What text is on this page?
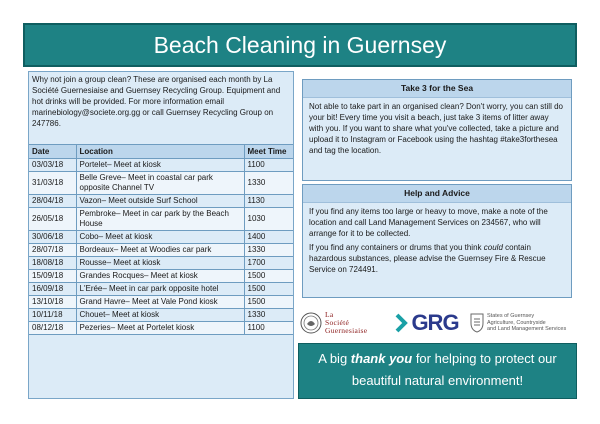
Beach Cleaning in Guernsey
Why not join a group clean? These are organised each month by La Société Guernesiaise and Guernsey Recycling Group. Equipment and hot drinks will be provided. For more information email marinebiology@societe.org.gg or call Guernsey Recycling Group on 247786.
Date	Location	Meet Time
03/03/18	Portelet– Meet at kiosk	1100
31/03/18	Belle Greve– Meet in coastal car park opposite Channel TV	1330
28/04/18	Vazon– Meet outside Surf School	1130
26/05/18	Pembroke– Meet in car park by the Beach House	1030
30/06/18	Cobo– Meet at kiosk	1400
28/07/18	Bordeaux– Meet at Woodies car park	1330
18/08/18	Rousse– Meet at kiosk	1700
15/09/18	Grandes Rocques– Meet at kiosk	1500
16/09/18	L'Erée– Meet in car park opposite hotel	1500
13/10/18	Grand Havre– Meet at Vale Pond kiosk	1500
10/11/18	Chouet– Meet at kiosk	1330
08/12/18	Pezeries– Meet at Portelet kiosk	1100
Take 3 for the Sea

Not able to take part in an organised clean? Don't worry, you can still do your bit! Every time you visit a beach, just take 3 items of litter away with you. If you want to share what you've collected, take a picture and upload it to Instagram or Facebook using the hashtag #take3forthesea and tag the location.

Help and Advice

If you find any items too large or heavy to move, make a note of the location and call Land Management Services on 234567, who will arrange for it to be collected.

If you find any containers or drums that you think could contain hazardous substances, please advise the Guernsey Fire & Rescue Service on 724491.

La
Société
Guernesiaise GRG	States of Guernsey
Agriculture, Countryside
and Land Management Services
A big thank you for helping to protect our
beautiful natural environment!
